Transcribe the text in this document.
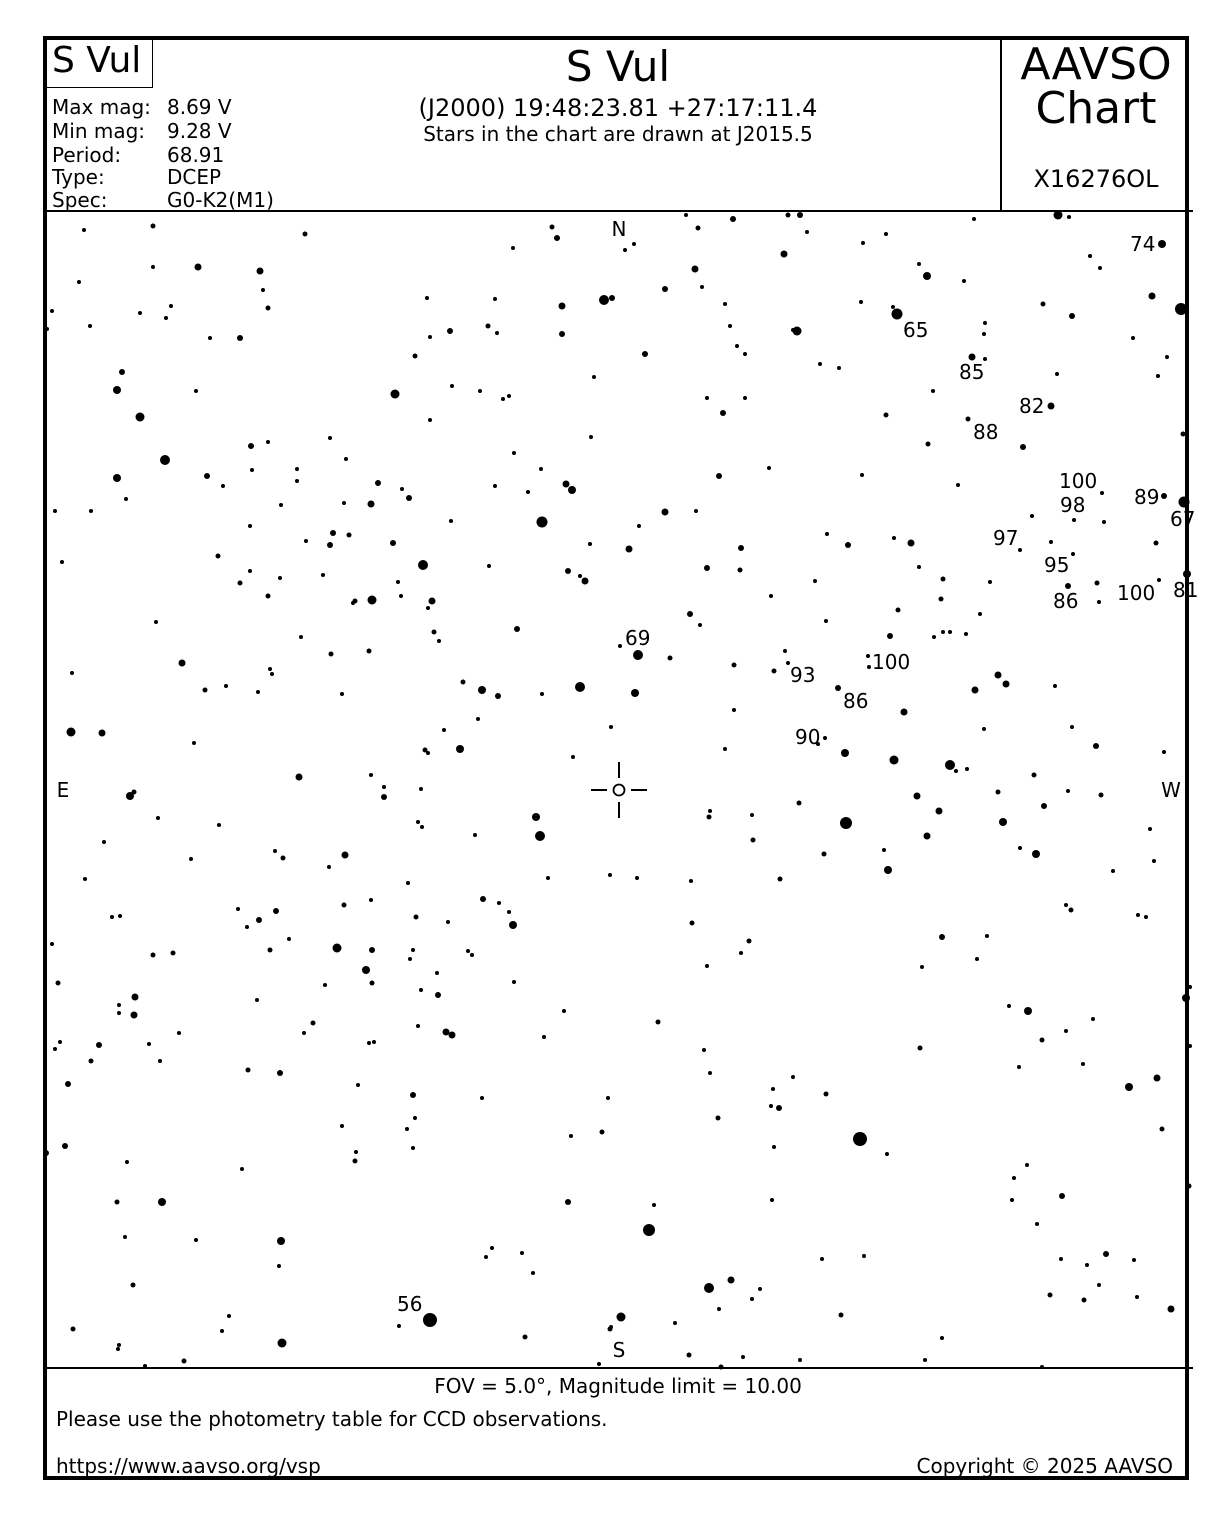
S Vul
Max mag: 8.69 V
Min mag: 9.28 V
Period: 68.91
Type:	DCEP
Spec:	G0-K2(M1)
S Vul
(J2000) 19:48:23.81 +27:17:11.4
Stars in the chart are drawn at J2015.5
AAVSO
Chart
X16276OL
N
S
E	W
74
65
85
82
88
100
98 89
67
97
95
86 100 81
69
100
93
86
90
56
FOV = 5.0°, Magnitude limit = 10.00
Please use the photometry table for CCD observations.
https://www.aavso.org/vsp	Copyright © 2025 AAVSO
